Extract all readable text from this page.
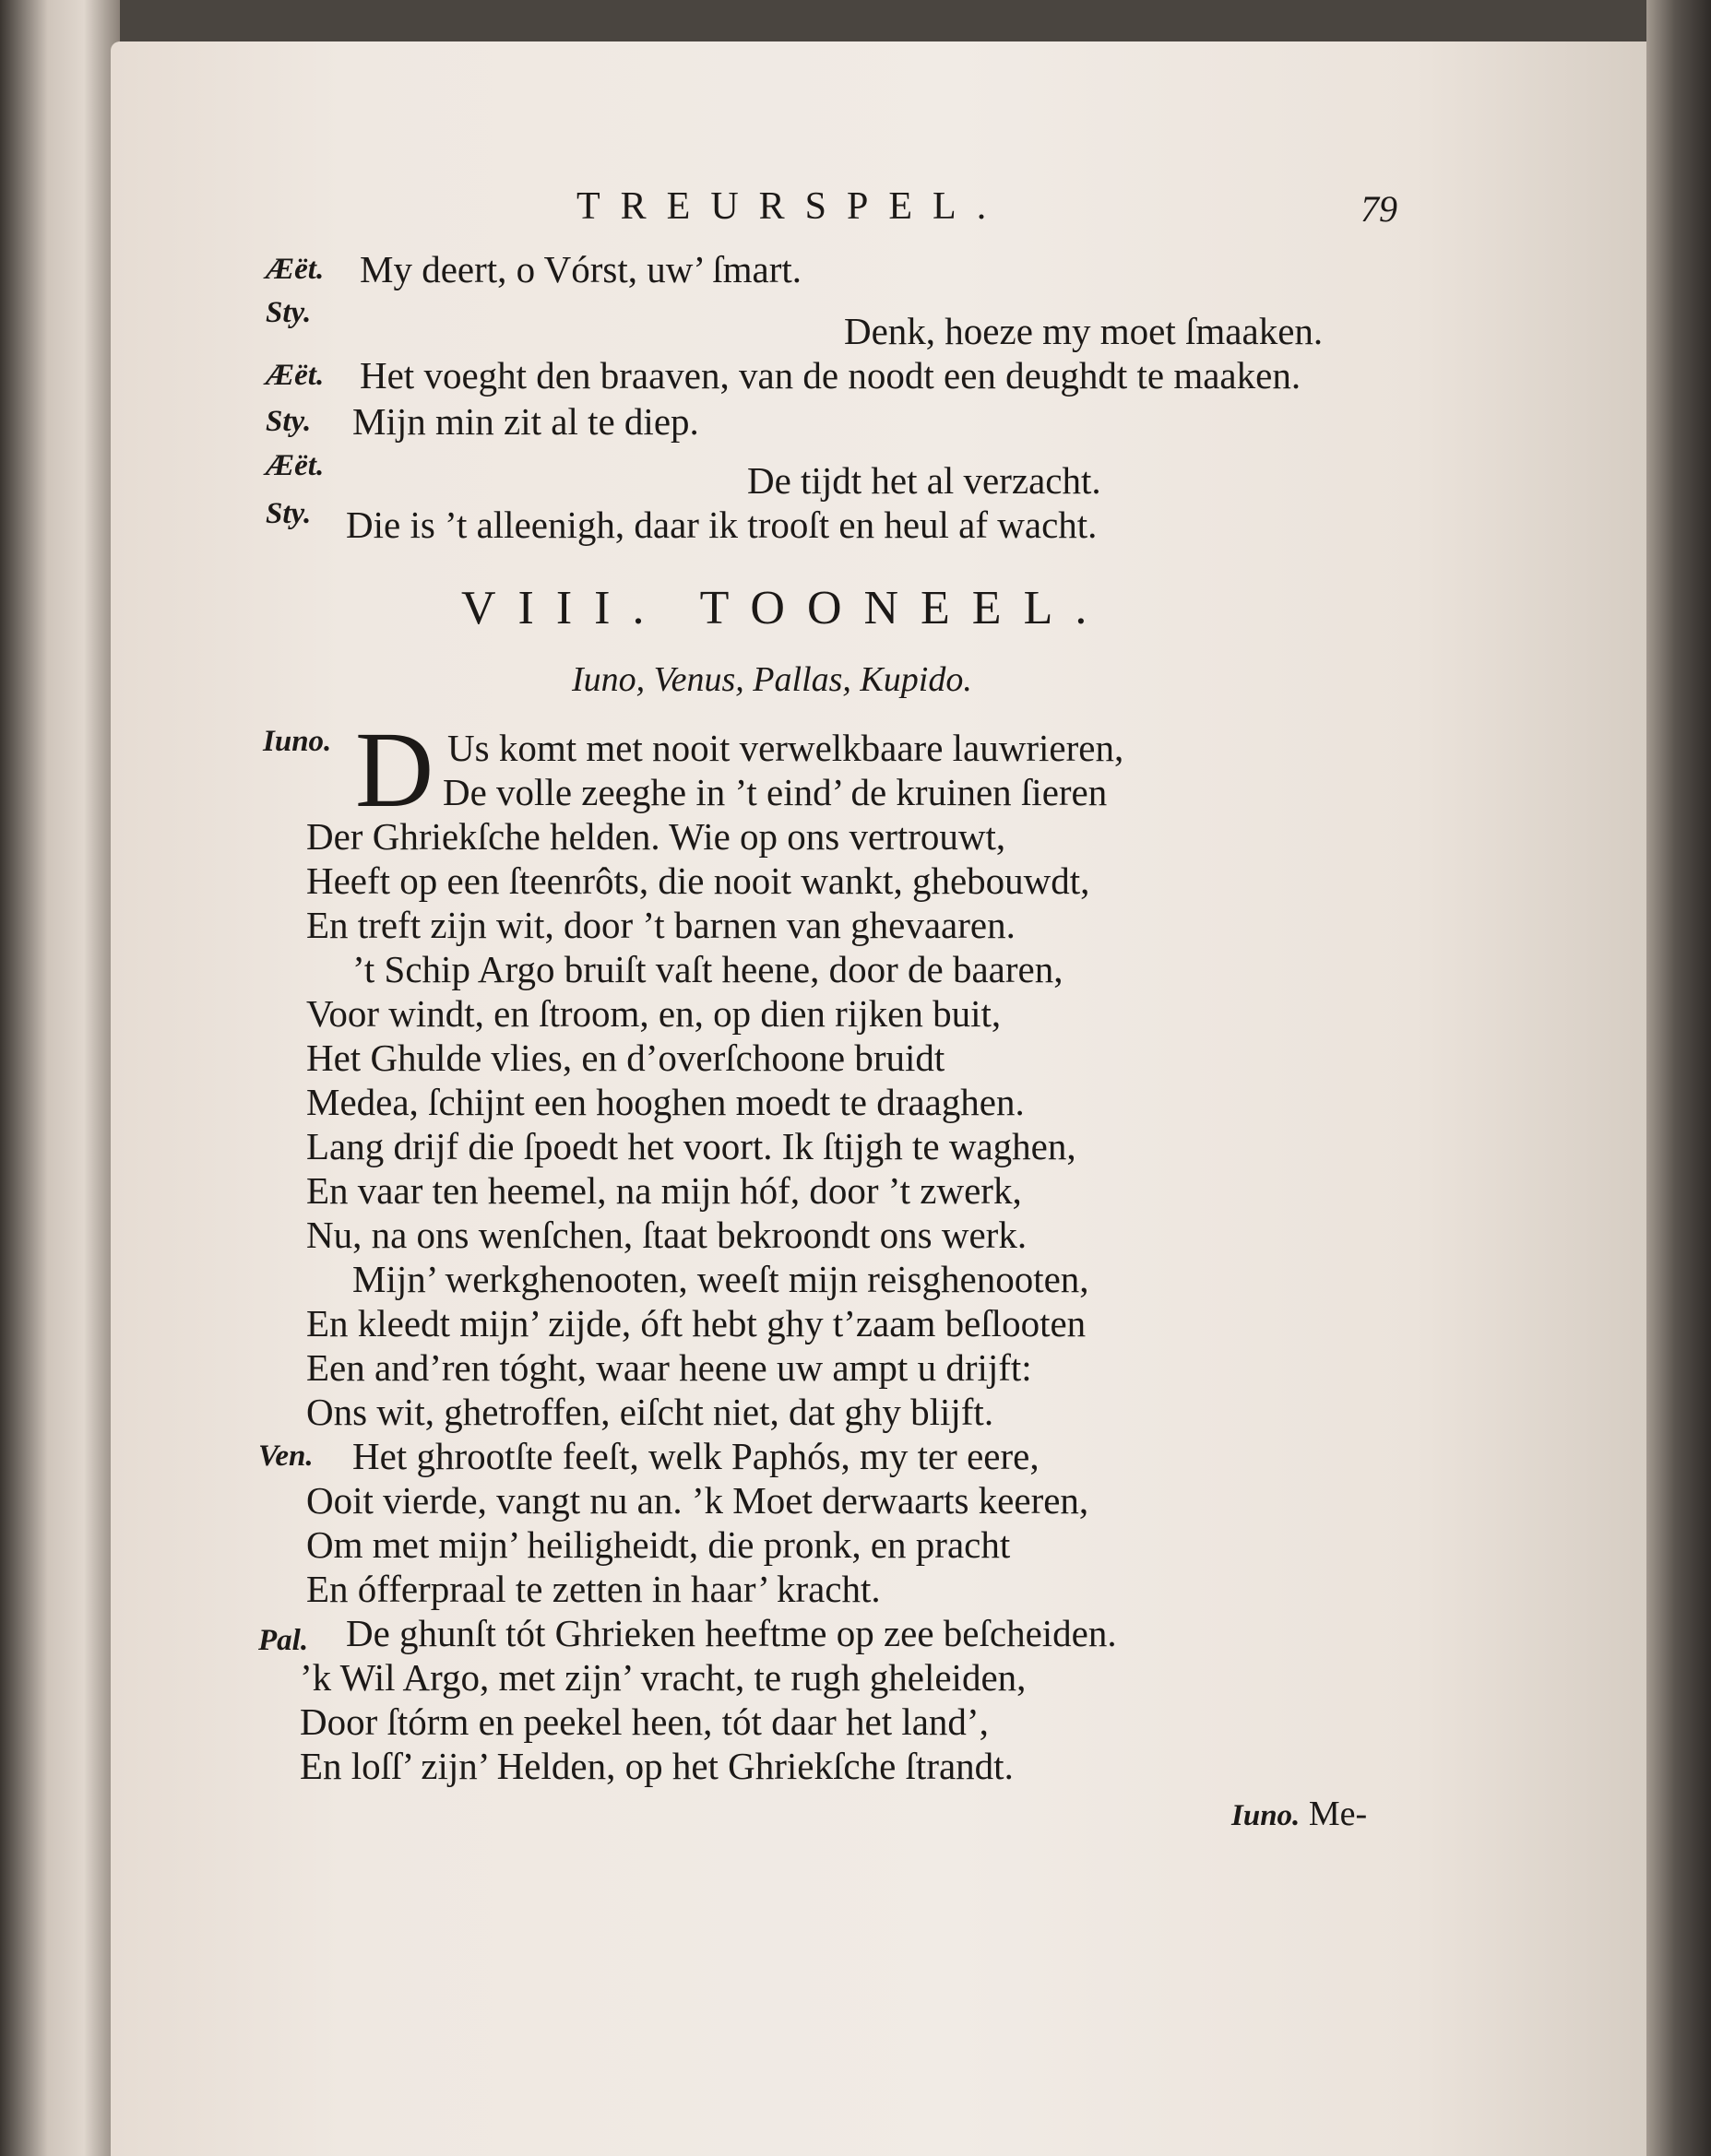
TREURSPEL.	79
Æët. My deert, o Vórst, uw’ ſmart.
Sty.	Denk, hoeze my moet ſmaaken.
Æët. Het voeght den braaven, van de noodt een deughdt te maaken.
Sty. Mijn min zit al te diep.
Æët.	De tijdt het al verzacht.
Sty. Die is ’t alleenigh, daar ik trooſt en heul af wacht.
VIII. TOONEEL.
Iuno, Venus, Pallas, Kupido.
Iuno. D Us komt met nooit verwelkbaare lauwrieren,
De volle zeeghe in ’t eind’ de kruinen ſieren
Der Ghriekſche helden. Wie op ons vertrouwt,
Heeft op een ſteenrôts, die nooit wankt, ghebouwdt,
En treft zijn wit, door ’t barnen van ghevaaren.
’t Schip Argo bruiſt vaſt heene, door de baaren,
Voor windt, en ſtroom, en, op dien rijken buit,
Het Ghulde vlies, en d’overſchoone bruidt
Medea, ſchijnt een hooghen moedt te draaghen.
Lang drijf die ſpoedt het voort. Ik ſtijgh te waghen,
En vaar ten heemel, na mijn hóf, door ’t zwerk,
Nu, na ons wenſchen, ſtaat bekroondt ons werk.
Mijn’ werkghenooten, weeſt mijn reisghenooten,
En kleedt mijn’ zijde, óft hebt ghy t’zaam beſlooten
Een and’ren tóght, waar heene uw ampt u drijft:
Ons wit, ghetroffen, eiſcht niet, dat ghy blijft.
Ven. Het ghrootſte feeſt, welk Paphós, my ter eere,
Ooit vierde, vangt nu an. ’k Moet derwaarts keeren,
Om met mijn’ heiligheidt, die pronk, en pracht
En ófferpraal te zetten in haar’ kracht.
Pal. De ghunſt tót Ghrieken heeftme op zee beſcheiden.
’k Wil Argo, met zijn’ vracht, te rugh gheleiden,
Door ſtórm en peekel heen, tót daar het land’,
En loſſ’ zijn’ Helden, op het Ghriekſche ſtrandt.
Iuno. Me-
